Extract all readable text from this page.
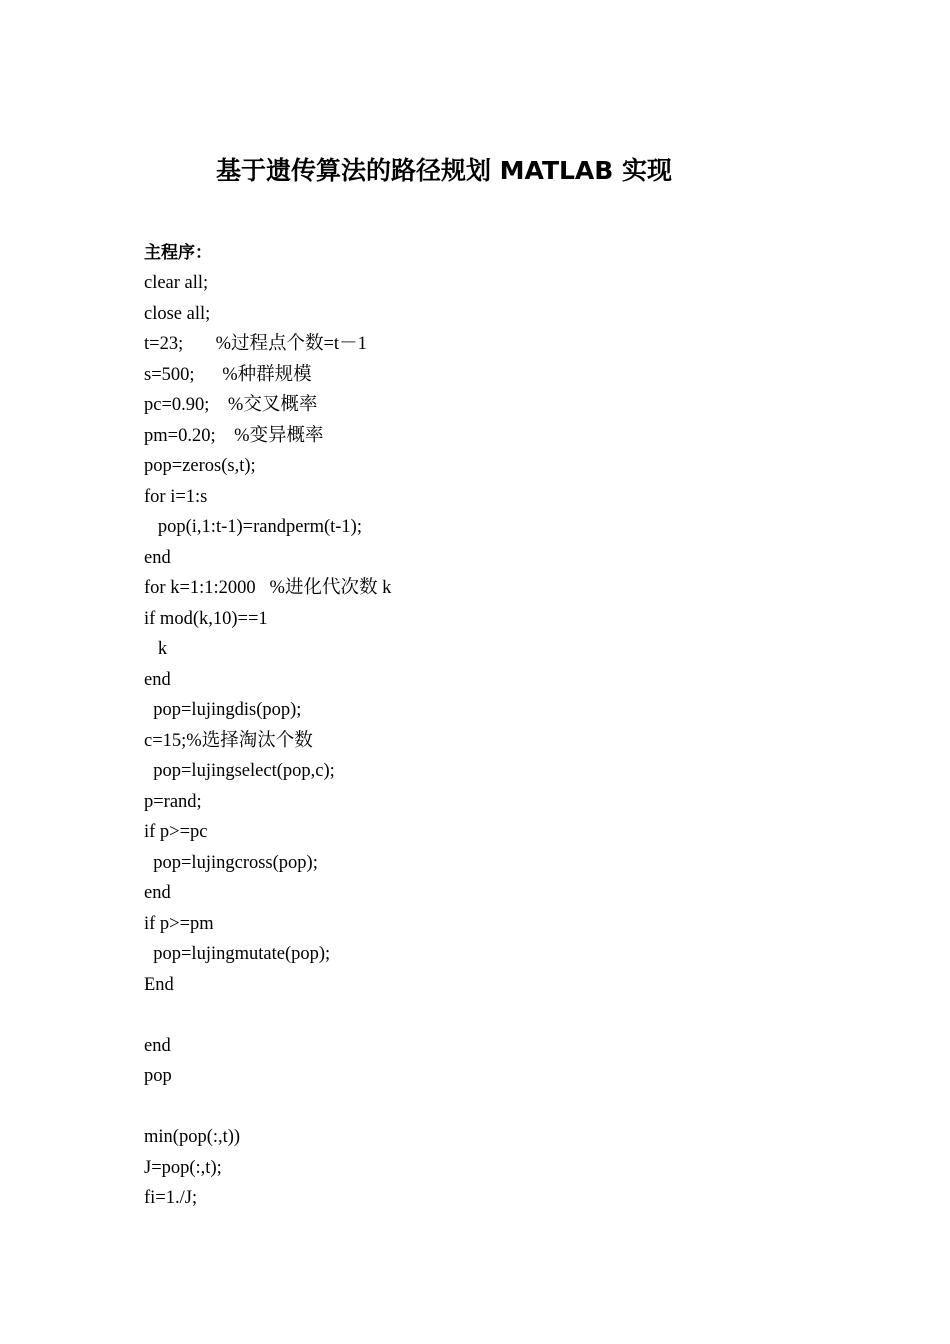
基于遗传算法的路径规划 MATLAB 实现
主程序：
clear all;
close all;
t=23;       %过程点个数=t－1
s=500;      %种群规模
pc=0.90;    %交叉概率
pm=0.20;    %变异概率
pop=zeros(s,t);
for i=1:s
pop(i,1:t-1)=randperm(t-1);
end
for k=1:1:2000   %进化代次数 k
if mod(k,10)==1
k
end
pop=lujingdis(pop);
c=15;%选择淘汰个数
pop=lujingselect(pop,c);
p=rand;
if p>=pc
pop=lujingcross(pop);
end
if p>=pm
pop=lujingmutate(pop);
End
end
pop
min(pop(:,t))
J=pop(:,t);
fi=1./J;
